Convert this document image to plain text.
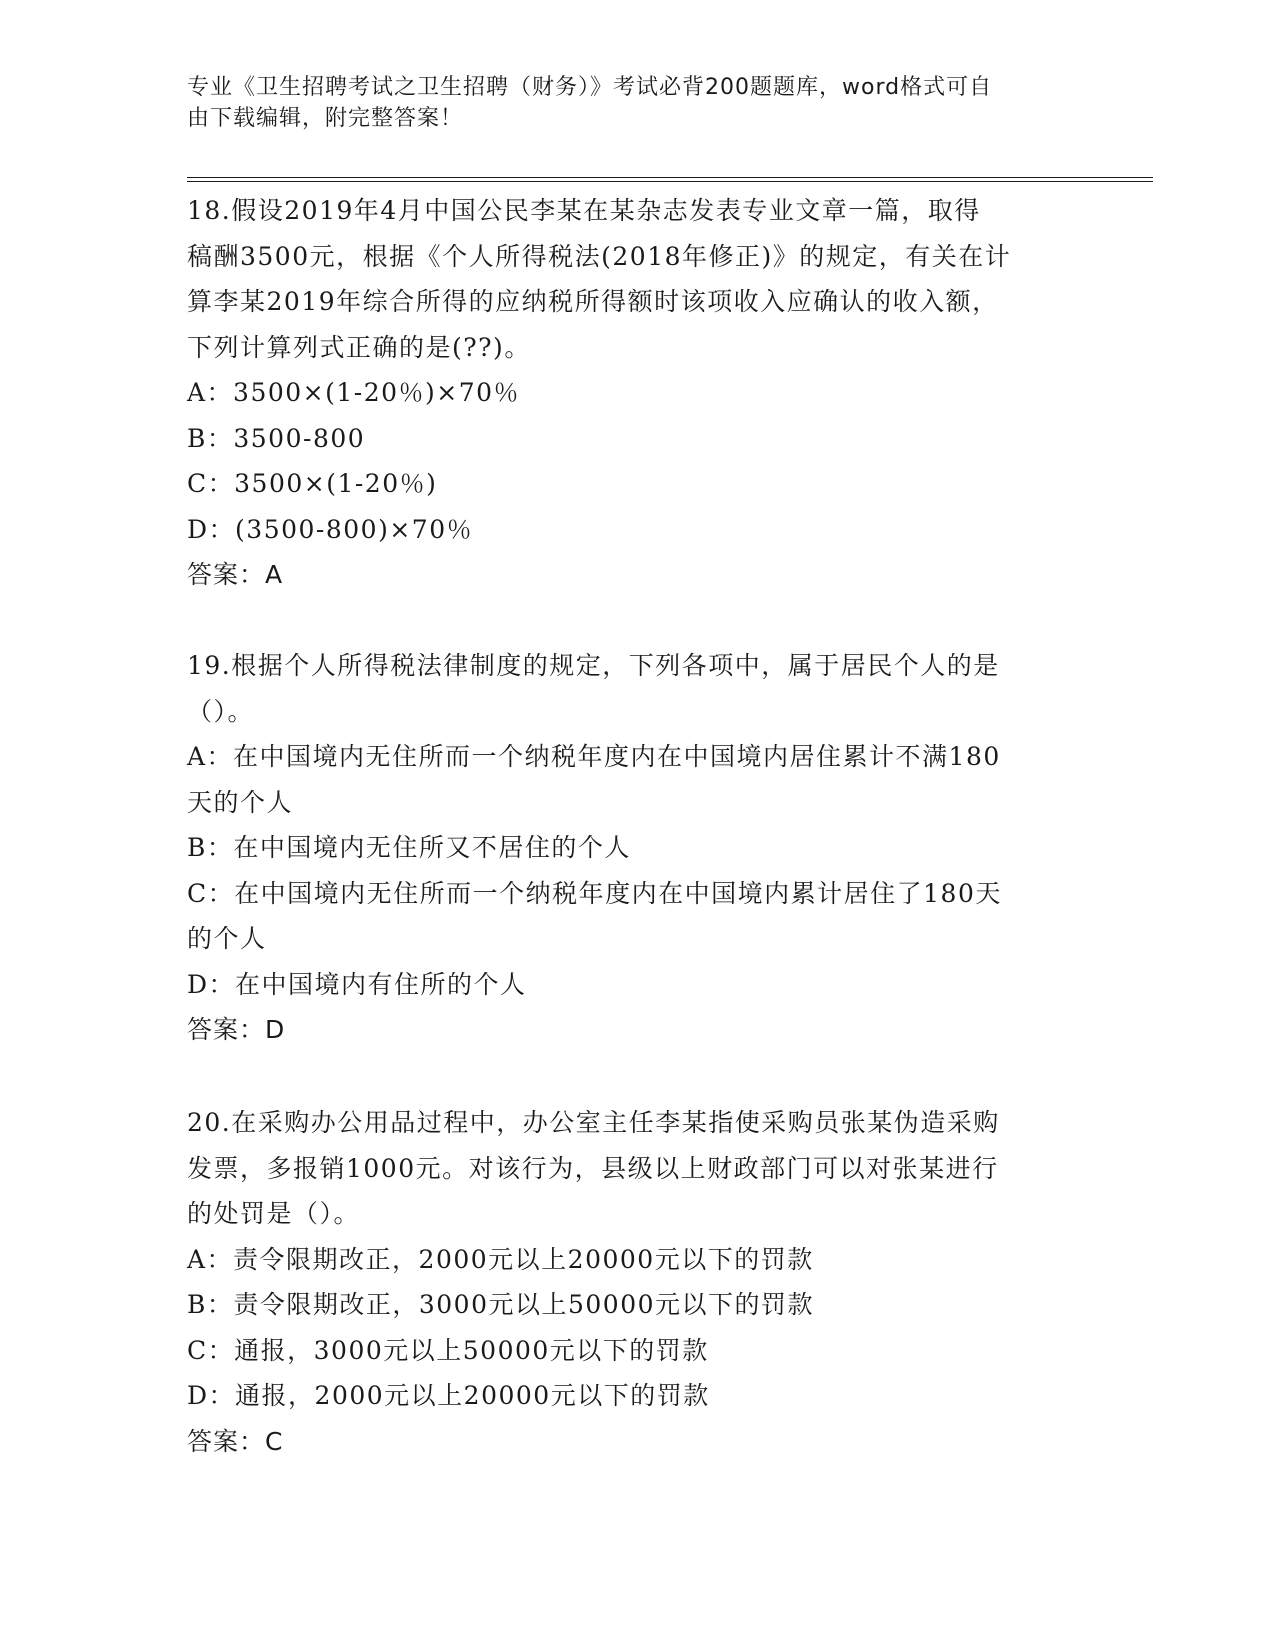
专业《卫生招聘考试之卫生招聘（财务）》考试必背200题题库，word格式可自
由下载编辑，附完整答案！
18.假设2019年4月中国公民李某在某杂志发表专业文章一篇，取得
稿酬3500元，根据《个人所得税法(2018年修正)》的规定，有关在计
算李某2019年综合所得的应纳税所得额时该项收入应确认的收入额，
下列计算列式正确的是(??)。
A：3500×(1-20％)×70％
B：3500-800
C：3500×(1-20％)
D：(3500-800)×70％
答案：A
19.根据个人所得税法律制度的规定，下列各项中，属于居民个人的是
（）。
A：在中国境内无住所而一个纳税年度内在中国境内居住累计不满180
天的个人
B：在中国境内无住所又不居住的个人
C：在中国境内无住所而一个纳税年度内在中国境内累计居住了180天
的个人
D：在中国境内有住所的个人
答案：D
20.在采购办公用品过程中，办公室主任李某指使采购员张某伪造采购
发票，多报销1000元。对该行为，县级以上财政部门可以对张某进行
的处罚是（）。
A：责令限期改正，2000元以上20000元以下的罚款
B：责令限期改正，3000元以上50000元以下的罚款
C：通报，3000元以上50000元以下的罚款
D：通报，2000元以上20000元以下的罚款
答案：C
